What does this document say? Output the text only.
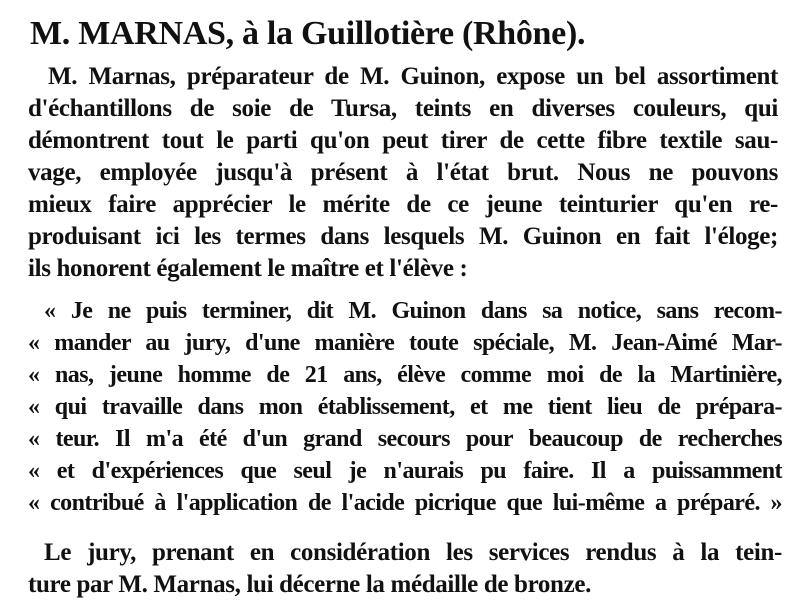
M. MARNAS, à la Guillotière (Rhône).
M. Marnas, préparateur de M. Guinon, expose un bel assortiment
d'échantillons de soie de Tursa, teints en diverses couleurs, qui
démontrent tout le parti qu'on peut tirer de cette fibre textile sau-
vage, employée jusqu'à présent à l'état brut. Nous ne pouvons
mieux faire apprécier le mérite de ce jeune teinturier qu'en re-
produisant ici les termes dans lesquels M. Guinon en fait l'éloge;
ils honorent également le maître et l'élève :
« Je ne puis terminer, dit M. Guinon dans sa notice, sans recom-
« mander au jury, d'une manière toute spéciale, M. Jean-Aimé Mar-
« nas, jeune homme de 21 ans, élève comme moi de la Martinière,
« qui travaille dans mon établissement, et me tient lieu de prépara-
« teur. Il m'a été d'un grand secours pour beaucoup de recherches
« et d'expériences que seul je n'aurais pu faire. Il a puissamment
« contribué à l'application de l'acide picrique que lui-même a préparé. »
Le jury, prenant en considération les services rendus à la tein-
ture par M. Marnas, lui décerne la médaille de bronze.
